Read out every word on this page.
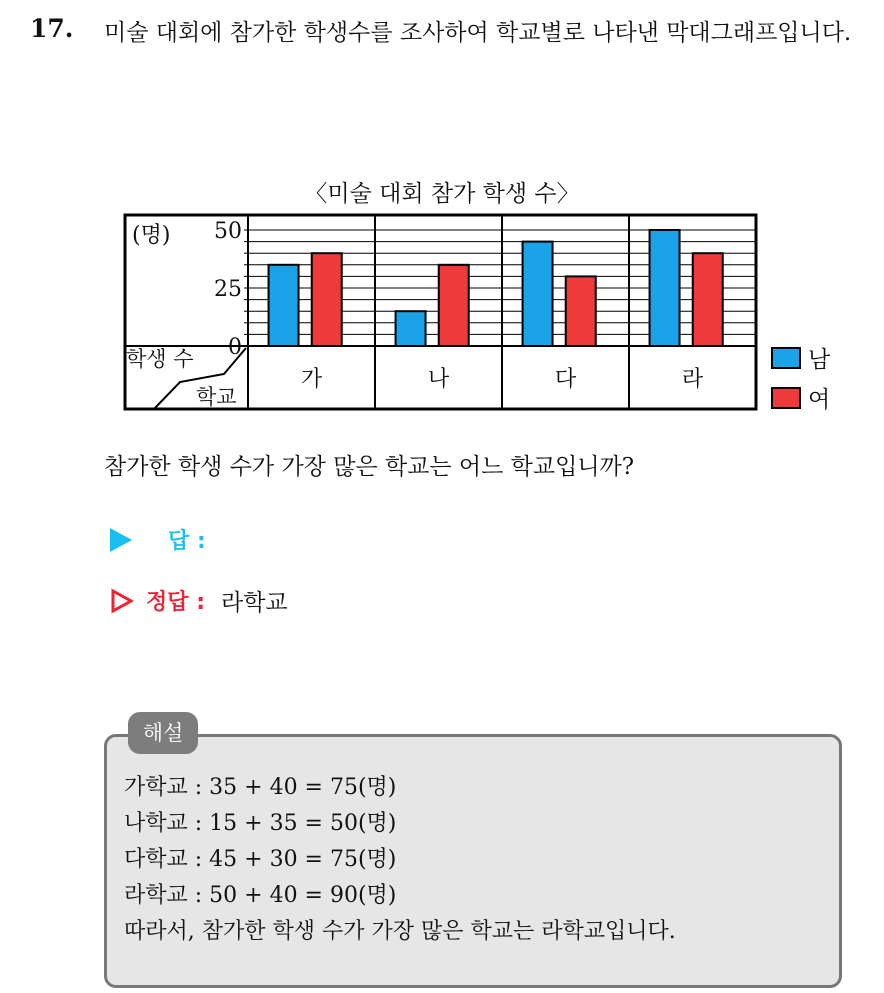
17. 미술 대회에 참가한 학생수를 조사하여 학교별로 나타낸 막대그래프입니다.
〈미술 대회 참가 학생 수〉
(명)
0
25
50
가	나	다	라
학생 수
학교
남
여
참가한 학생 수가 가장 많은 학교는 어느 학교입니까?
답 :
정답 : 라학교
해설
가학교 : 35 + 40 = 75(명)
나학교 : 15 + 35 = 50(명)
다학교 : 45 + 30 = 75(명)
라학교 : 50 + 40 = 90(명)
따라서, 참가한 학생 수가 가장 많은 학교는 라학교입니다.
